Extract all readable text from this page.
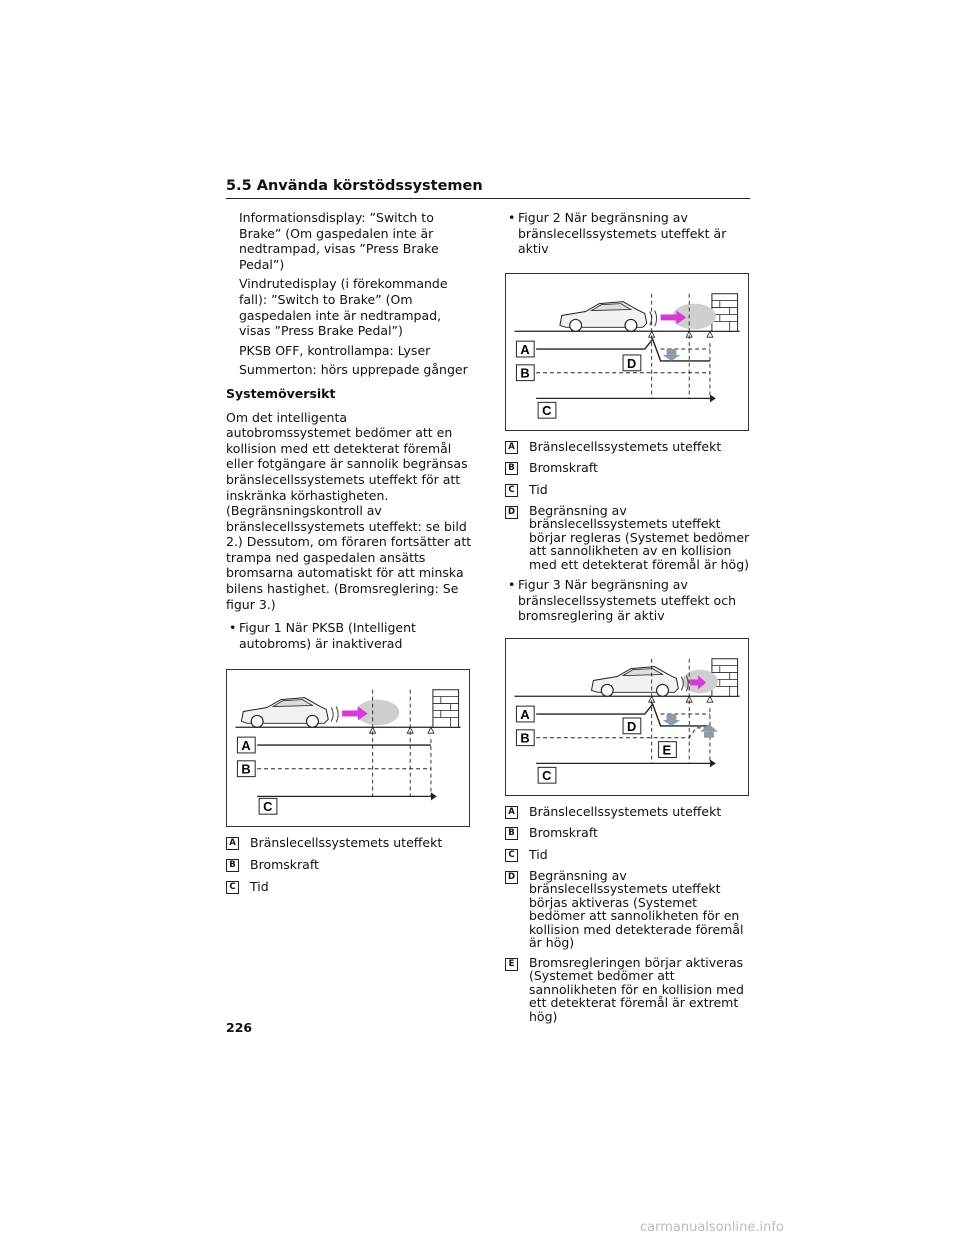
5.5 Använda körstödssystemen

Informationsdisplay: ”Switch to Brake” (Om gaspedalen inte är nedtrampad, visas ”Press Brake Pedal”)

Vindrutedisplay (i förekommande fall): ”Switch to Brake” (Om gaspedalen inte är nedtrampad, visas ”Press Brake Pedal”)

PKSB OFF, kontrollampa: Lyser

Summerton: hörs upprepade gånger

Systemöversikt

Om det intelligenta autobromssystemet bedömer att en kollision med ett detekterat föremål eller fotgängare är sannolik begränsas bränslecellssystemets uteffekt för att inskränka körhastigheten. (Begränsningskontroll av bränslecellssystemets uteffekt: se bild 2.) Dessutom, om föraren fortsätter att trampa ned gaspedalen ansätts bromsarna automatiskt för att minska bilens hastighet. (Bromsreglering: Se figur 3.)

• Figur 1 När PKSB (Intelligent autobroms) är inaktiverad
A
B
C
A Bränslecellssystemets uteffekt
B Bromskraft
C Tid
• Figur 2 När begränsning av bränslecellssystemets uteffekt är aktiv
A
B
C
D
A Bränslecellssystemets uteffekt
B Bromskraft
C Tid
D Begränsning av bränslecellssystemets uteffekt börjar regleras (Systemet bedömer att sannolikheten av en kollision med ett detekterat föremål är hög)
• Figur 3 När begränsning av bränslecellssystemets uteffekt och bromsreglering är aktiv
A
B
C
D
E
A Bränslecellssystemets uteffekt
B Bromskraft
C Tid
D Begränsning av bränslecellssystemets uteffekt börjas aktiveras (Systemet bedömer att sannolikheten för en kollision med detekterade föremål är hög)
E Bromsregleringen börjar aktiveras (Systemet bedömer att sannolikheten för en kollision med ett detekterat föremål är extremt hög)
226
carmanualsonline.info
